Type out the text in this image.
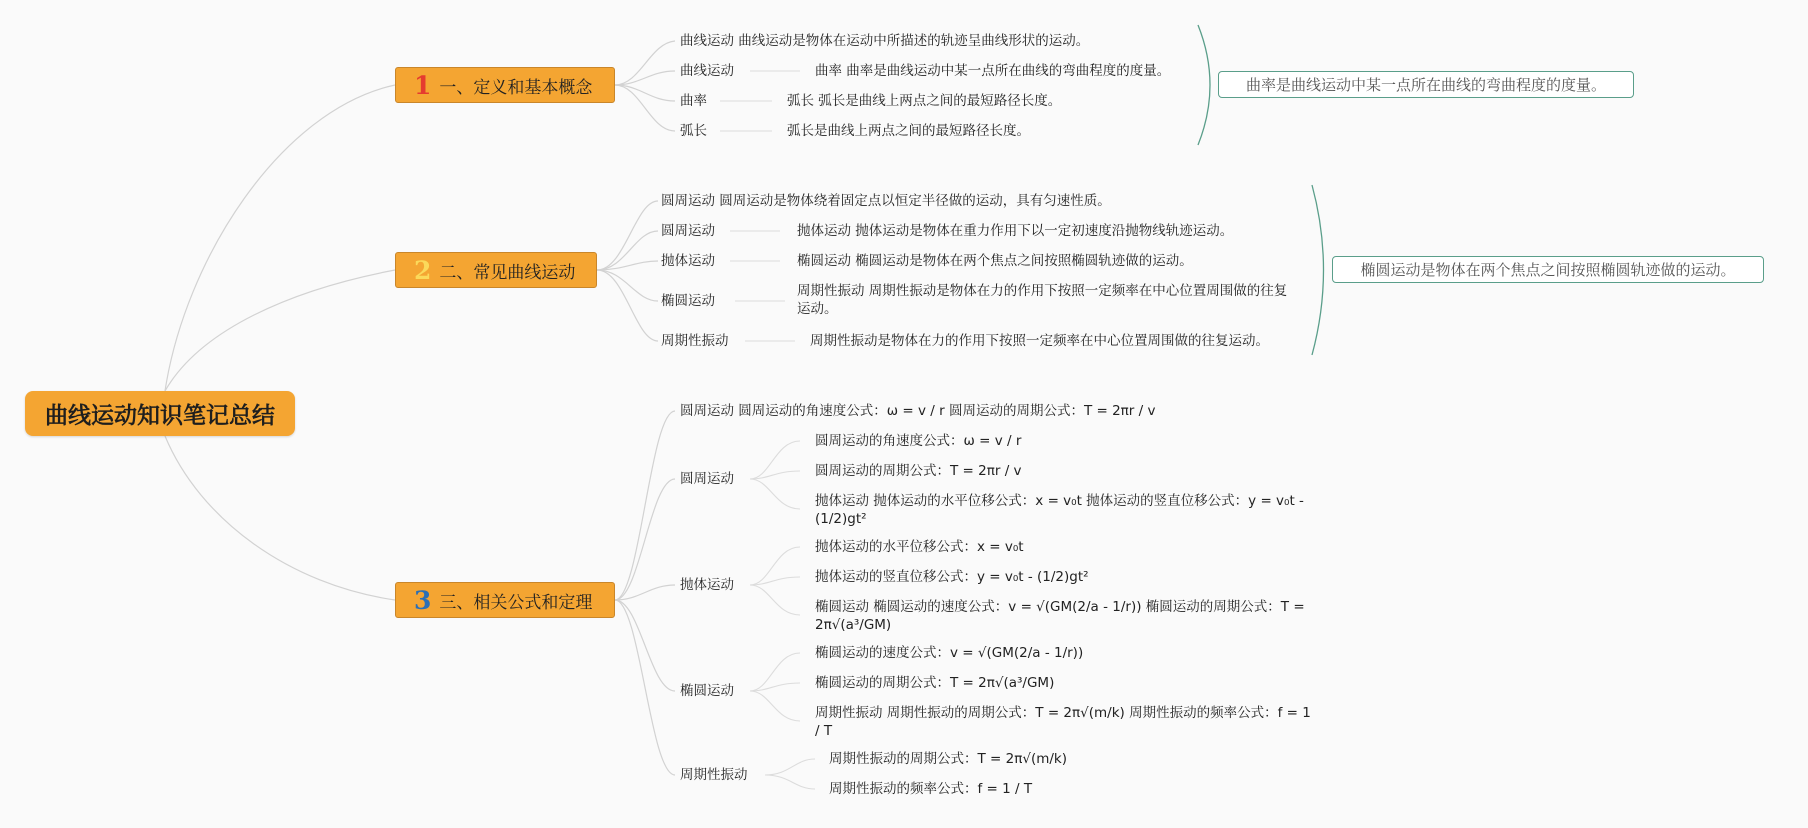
曲线运动知识笔记总结
1 一、定义和基本概念
曲线运动 曲线运动是物体在运动中所描述的轨迹呈曲线形状的运动。
曲线运动
曲率
弧长
曲率 曲率是曲线运动中某一点所在曲线的弯曲程度的度量。
弧长 弧长是曲线上两点之间的最短路径长度。
弧长是曲线上两点之间的最短路径长度。
曲率是曲线运动中某一点所在曲线的弯曲程度的度量。
2 二、常见曲线运动
圆周运动 圆周运动是物体绕着固定点以恒定半径做的运动，具有匀速性质。
圆周运动
抛体运动
椭圆运动
周期性振动
抛体运动 抛体运动是物体在重力作用下以一定初速度沿抛物线轨迹运动。
椭圆运动 椭圆运动是物体在两个焦点之间按照椭圆轨迹做的运动。
周期性振动 周期性振动是物体在力的作用下按照一定频率在中心位置周围做的往复运动。
周期性振动是物体在力的作用下按照一定频率在中心位置周围做的往复运动。
椭圆运动是物体在两个焦点之间按照椭圆轨迹做的运动。
3 三、相关公式和定理
圆周运动 圆周运动的角速度公式：ω = v / r 圆周运动的周期公式：T = 2πr / v
圆周运动
抛体运动
椭圆运动
周期性振动
圆周运动的角速度公式：ω = v / r
圆周运动的周期公式：T = 2πr / v
抛体运动 抛体运动的水平位移公式：x = v₀t 抛体运动的竖直位移公式：y = v₀t - (1/2)gt²
抛体运动的水平位移公式：x = v₀t
抛体运动的竖直位移公式：y = v₀t - (1/2)gt²
椭圆运动 椭圆运动的速度公式：v = √(GM(2/a - 1/r)) 椭圆运动的周期公式：T = 2π√(a³/GM)
椭圆运动的速度公式：v = √(GM(2/a - 1/r))
椭圆运动的周期公式：T = 2π√(a³/GM)
周期性振动 周期性振动的周期公式：T = 2π√(m/k) 周期性振动的频率公式：f = 1 / T
周期性振动的周期公式：T = 2π√(m/k)
周期性振动的频率公式：f = 1 / T
